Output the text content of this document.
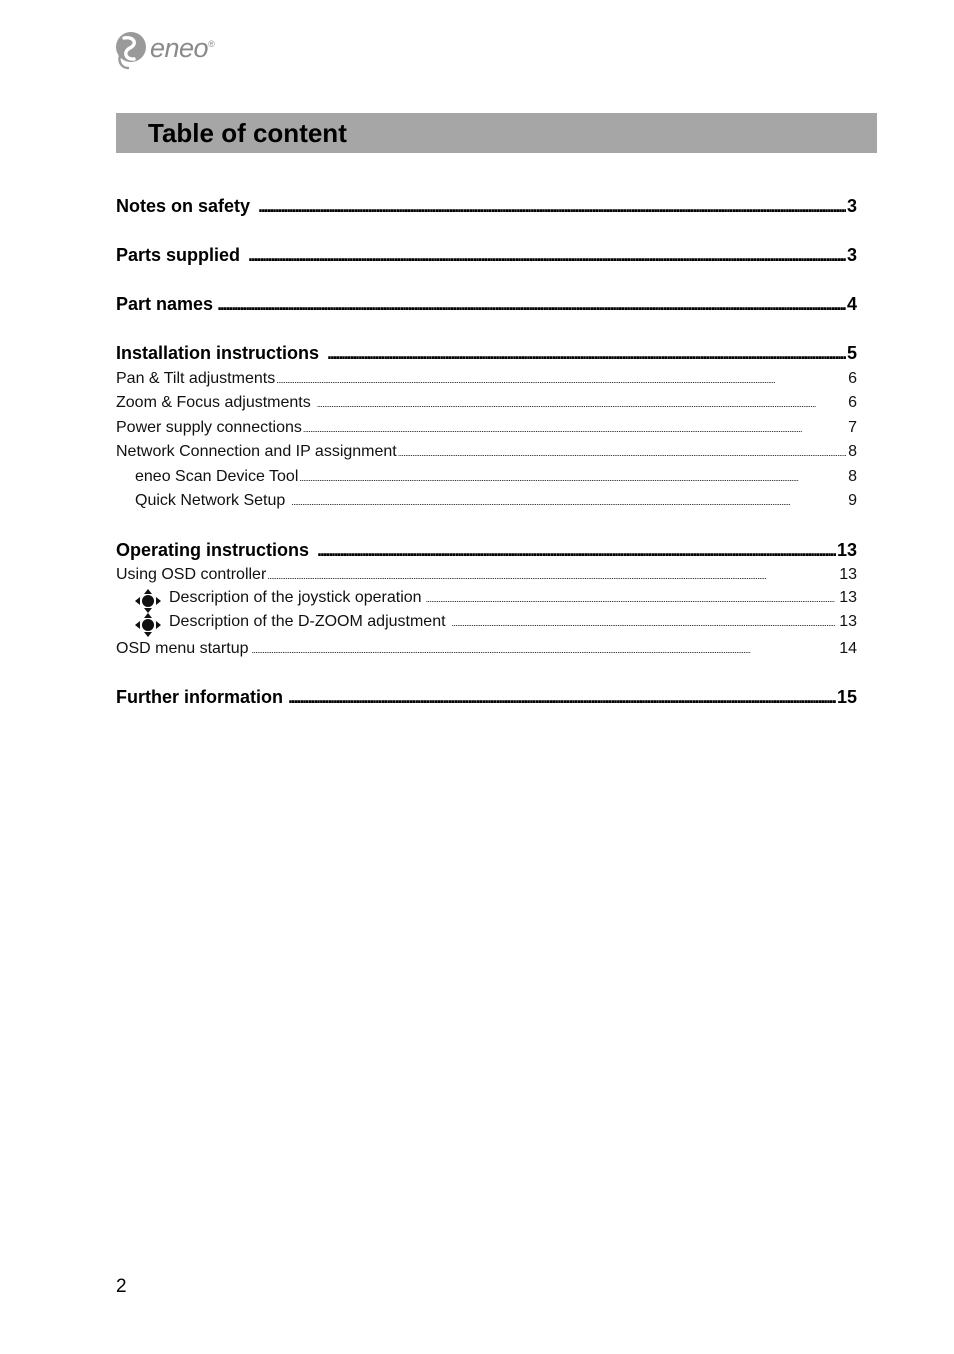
eneo®
Table of content
Notes on safety . . .	3
Parts supplied . . .	3
Part names . . .	4
Installation instructions . . .	5
Pan & Tilt adjustments . . .	6
Zoom & Focus adjustments . . .	6
Power supply connections . . .	7
Network Connection and IP assignment . . .	8
eneo Scan Device Tool . . .	8
Quick Network Setup . . .	9
Operating instructions . . .	13
Using OSD controller . . .	13
Description of the joystick operation . . .	13
Description of the D-ZOOM adjustment . . .	13
OSD menu startup . . .	14
Further information . . .	15
2
